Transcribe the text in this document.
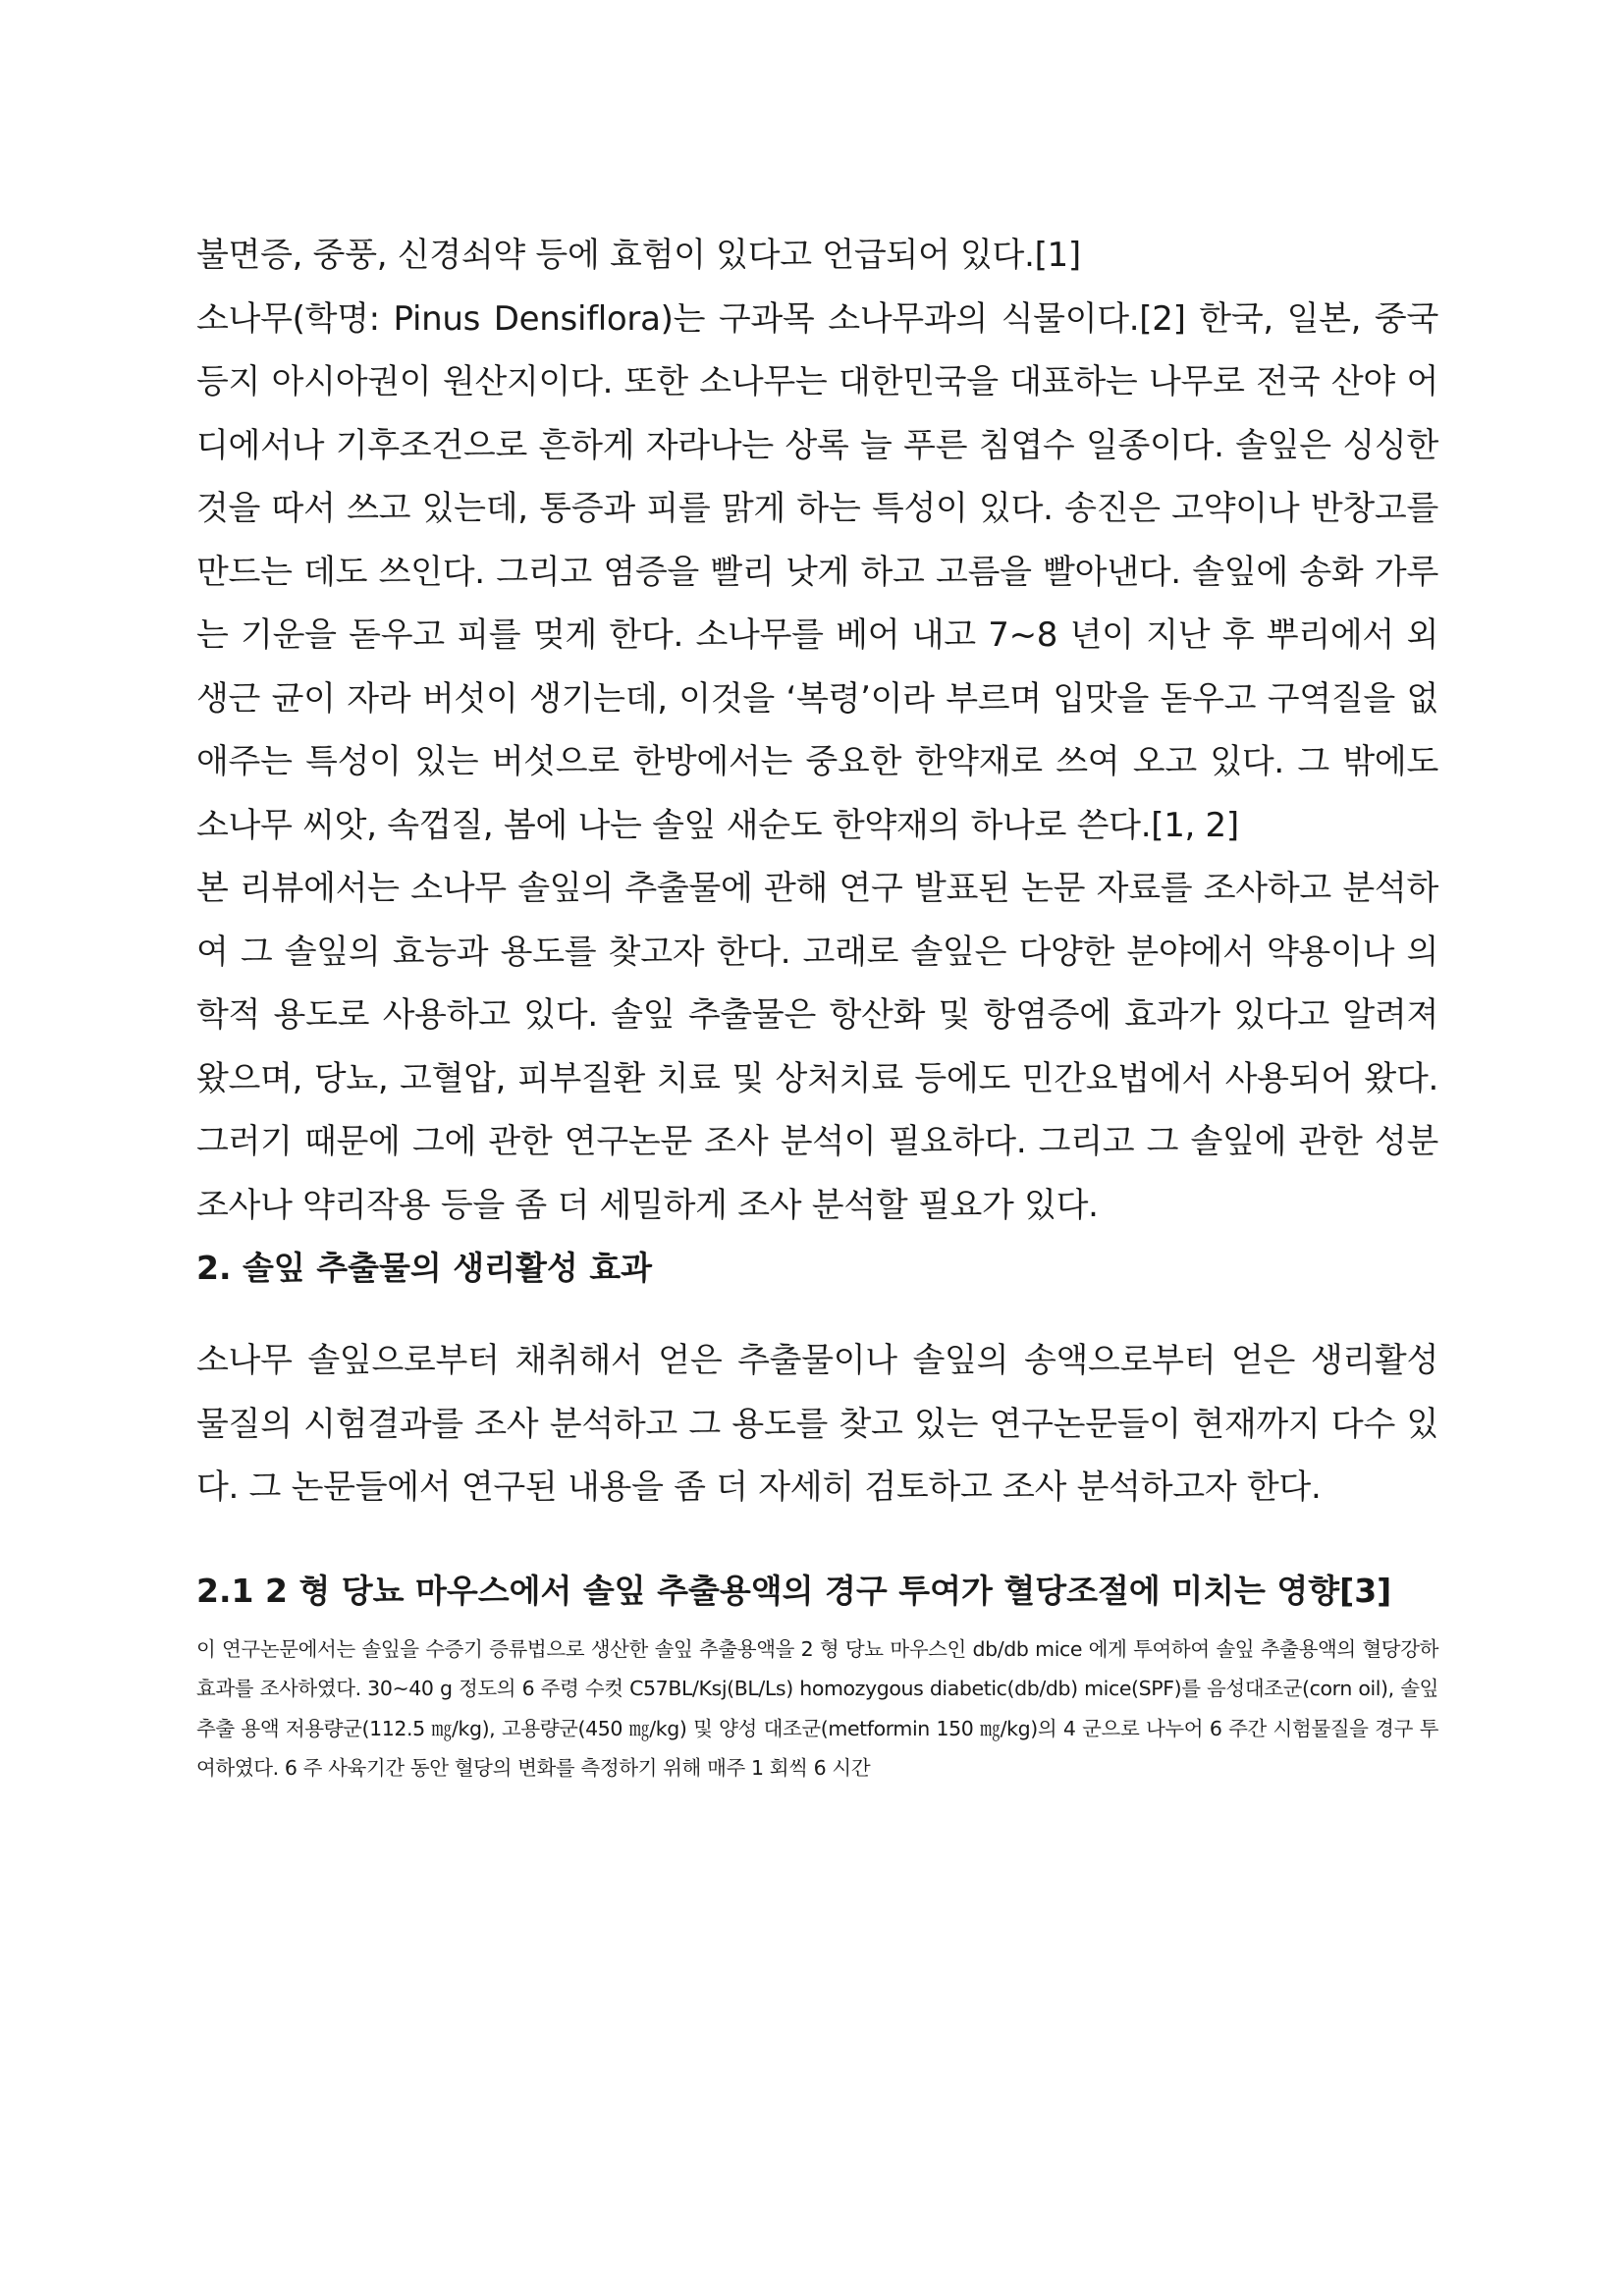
불면증, 중풍, 신경쇠약 등에 효험이 있다고 언급되어 있다.[1]

소나무(학명: Pinus Densiflora)는 구과목 소나무과의 식물이다.[2] 한국, 일본, 중국 등지 아시아권이 원산지이다. 또한 소나무는 대한민국을 대표하는 나무로 전국 산야 어디에서나 기후조건으로 흔하게 자라나는 상록 늘 푸른 침엽수 일종이다. 솔잎은 싱싱한 것을 따서 쓰고 있는데, 통증과 피를 맑게 하는 특성이 있다. 송진은 고약이나 반창고를 만드는 데도 쓰인다. 그리고 염증을 빨리 낫게 하고 고름을 빨아낸다. 솔잎에 송화 가루는 기운을 돋우고 피를 멎게 한다. 소나무를 베어 내고 7~8 년이 지난 후 뿌리에서 외생근 균이 자라 버섯이 생기는데, 이것을 ‘복령’이라 부르며 입맛을 돋우고 구역질을 없애주는 특성이 있는 버섯으로 한방에서는 중요한 한약재로 쓰여 오고 있다. 그 밖에도 소나무 씨앗, 속껍질, 봄에 나는 솔잎 새순도 한약재의 하나로 쓴다.[1, 2]

본 리뷰에서는 소나무 솔잎의 추출물에 관해 연구 발표된 논문 자료를 조사하고 분석하여 그 솔잎의 효능과 용도를 찾고자 한다. 고래로 솔잎은 다양한 분야에서 약용이나 의학적 용도로 사용하고 있다. 솔잎 추출물은 항산화 및 항염증에 효과가 있다고 알려져 왔으며, 당뇨, 고혈압, 피부질환 치료 및 상처치료 등에도 민간요법에서 사용되어 왔다. 그러기 때문에 그에 관한 연구논문 조사 분석이 필요하다. 그리고 그 솔잎에 관한 성분조사나 약리작용 등을 좀 더 세밀하게 조사 분석할 필요가 있다.

2. 솔잎 추출물의 생리활성 효과

소나무 솔잎으로부터 채취해서 얻은 추출물이나 솔잎의 송액으로부터 얻은 생리활성 물질의 시험결과를 조사 분석하고 그 용도를 찾고 있는 연구논문들이 현재까지 다수 있다. 그 논문들에서 연구된 내용을 좀 더 자세히 검토하고 조사 분석하고자 한다.

2.1 2 형 당뇨 마우스에서 솔잎 추출용액의 경구 투여가 혈당조절에 미치는 영향[3]

이 연구논문에서는 솔잎을 수증기 증류법으로 생산한 솔잎 추출용액을 2 형 당뇨 마우스인 db/db mice 에게 투여하여 솔잎 추출용액의 혈당강하 효과를 조사하였다. 30~40 g 정도의 6 주령 수컷 C57BL/Ksj(BL/Ls) homozygous diabetic(db/db) mice(SPF)를 음성대조군(corn oil), 솔잎추출 용액 저용량군(112.5 ㎎/kg), 고용량군(450 ㎎/kg) 및 양성 대조군(metformin 150 ㎎/kg)의 4 군으로 나누어 6 주간 시험물질을 경구 투여하였다. 6 주 사육기간 동안 혈당의 변화를 측정하기 위해 매주 1 회씩 6 시간
